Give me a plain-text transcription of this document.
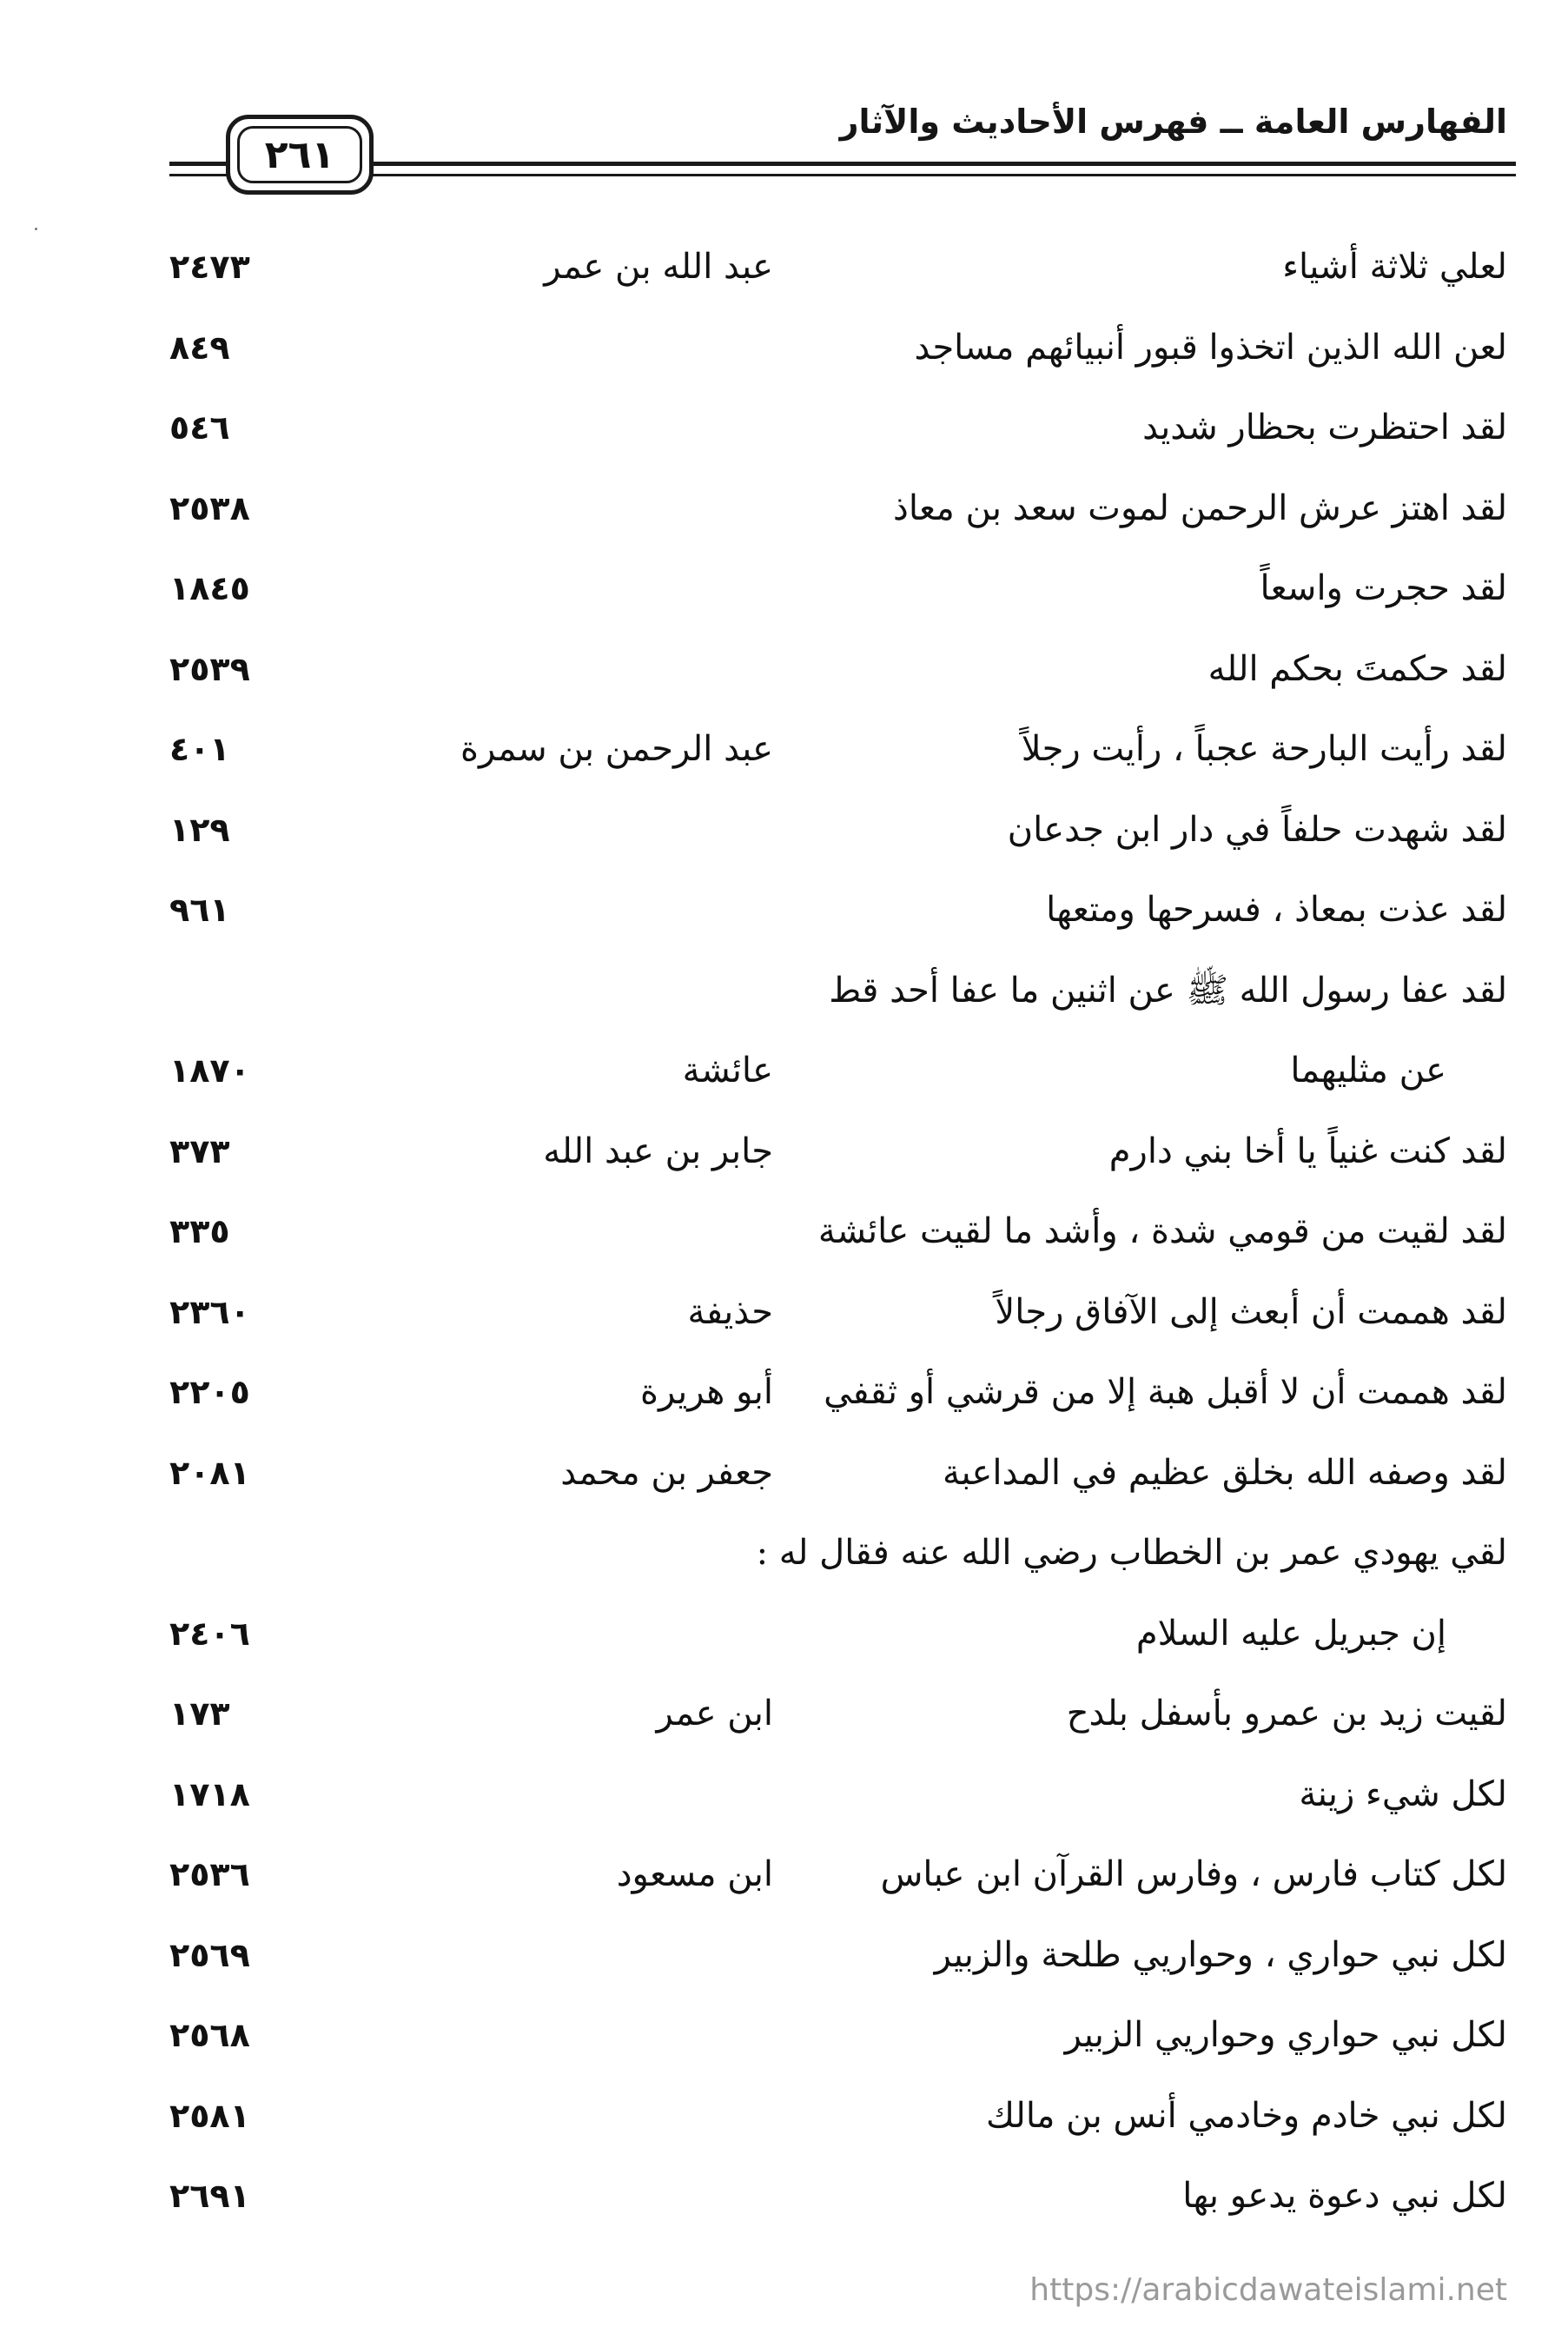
الفهارس العامة ــ فهرس الأحاديث والآثار
٢٦١
لعلي ثلاثة أشياء
عبد الله بن عمر
٢٤٧٣
لعن الله الذين اتخذوا قبور أنبيائهم مساجد
٨٤٩
لقد احتظرت بحظار شديد
٥٤٦
لقد اهتز عرش الرحمن لموت سعد بن معاذ
٢٥٣٨
لقد حجرت واسعاً
١٨٤٥
لقد حكمتَ بحكم الله
٢٥٣٩
لقد رأيت البارحة عجباً ، رأيت رجلاً
عبد الرحمن بن سمرة
٤٠١
لقد شهدت حلفاً في دار ابن جدعان
١٢٩
لقد عذت بمعاذ ، فسرحها ومتعها
٩٦١
لقد عفا رسول الله ﷺ عن اثنين ما عفا أحد قط
عن مثليهما
عائشة
١٨٧٠
لقد كنت غنياً يا أخا بني دارم
جابر بن عبد الله
٣٧٣
لقد لقيت من قومي شدة ، وأشد ما لقيت عائشة
٣٣٥
لقد هممت أن أبعث إلى الآفاق رجالاً
حذيفة
٢٣٦٠
لقد هممت أن لا أقبل هبة إلا من قرشي أو ثقفي
أبو هريرة
٢٢٠٥
لقد وصفه الله بخلق عظيم في المداعبة
جعفر بن محمد
٢٠٨١
لقي يهودي عمر بن الخطاب رضي الله عنه فقال له :
إن جبريل عليه السلام
٢٤٠٦
لقيت زيد بن عمرو بأسفل بلدح
ابن عمر
١٧٣
لكل شيء زينة
١٧١٨
لكل كتاب فارس ، وفارس القرآن ابن عباس
ابن مسعود
٢٥٣٦
لكل نبي حواري ، وحواريي طلحة والزبير
٢٥٦٩
لكل نبي حواري وحواريي الزبير
٢٥٦٨
لكل نبي خادم وخادمي أنس بن مالك
٢٥٨١
لكل نبي دعوة يدعو بها
٢٦٩١
https://arabicdawateislami.net
